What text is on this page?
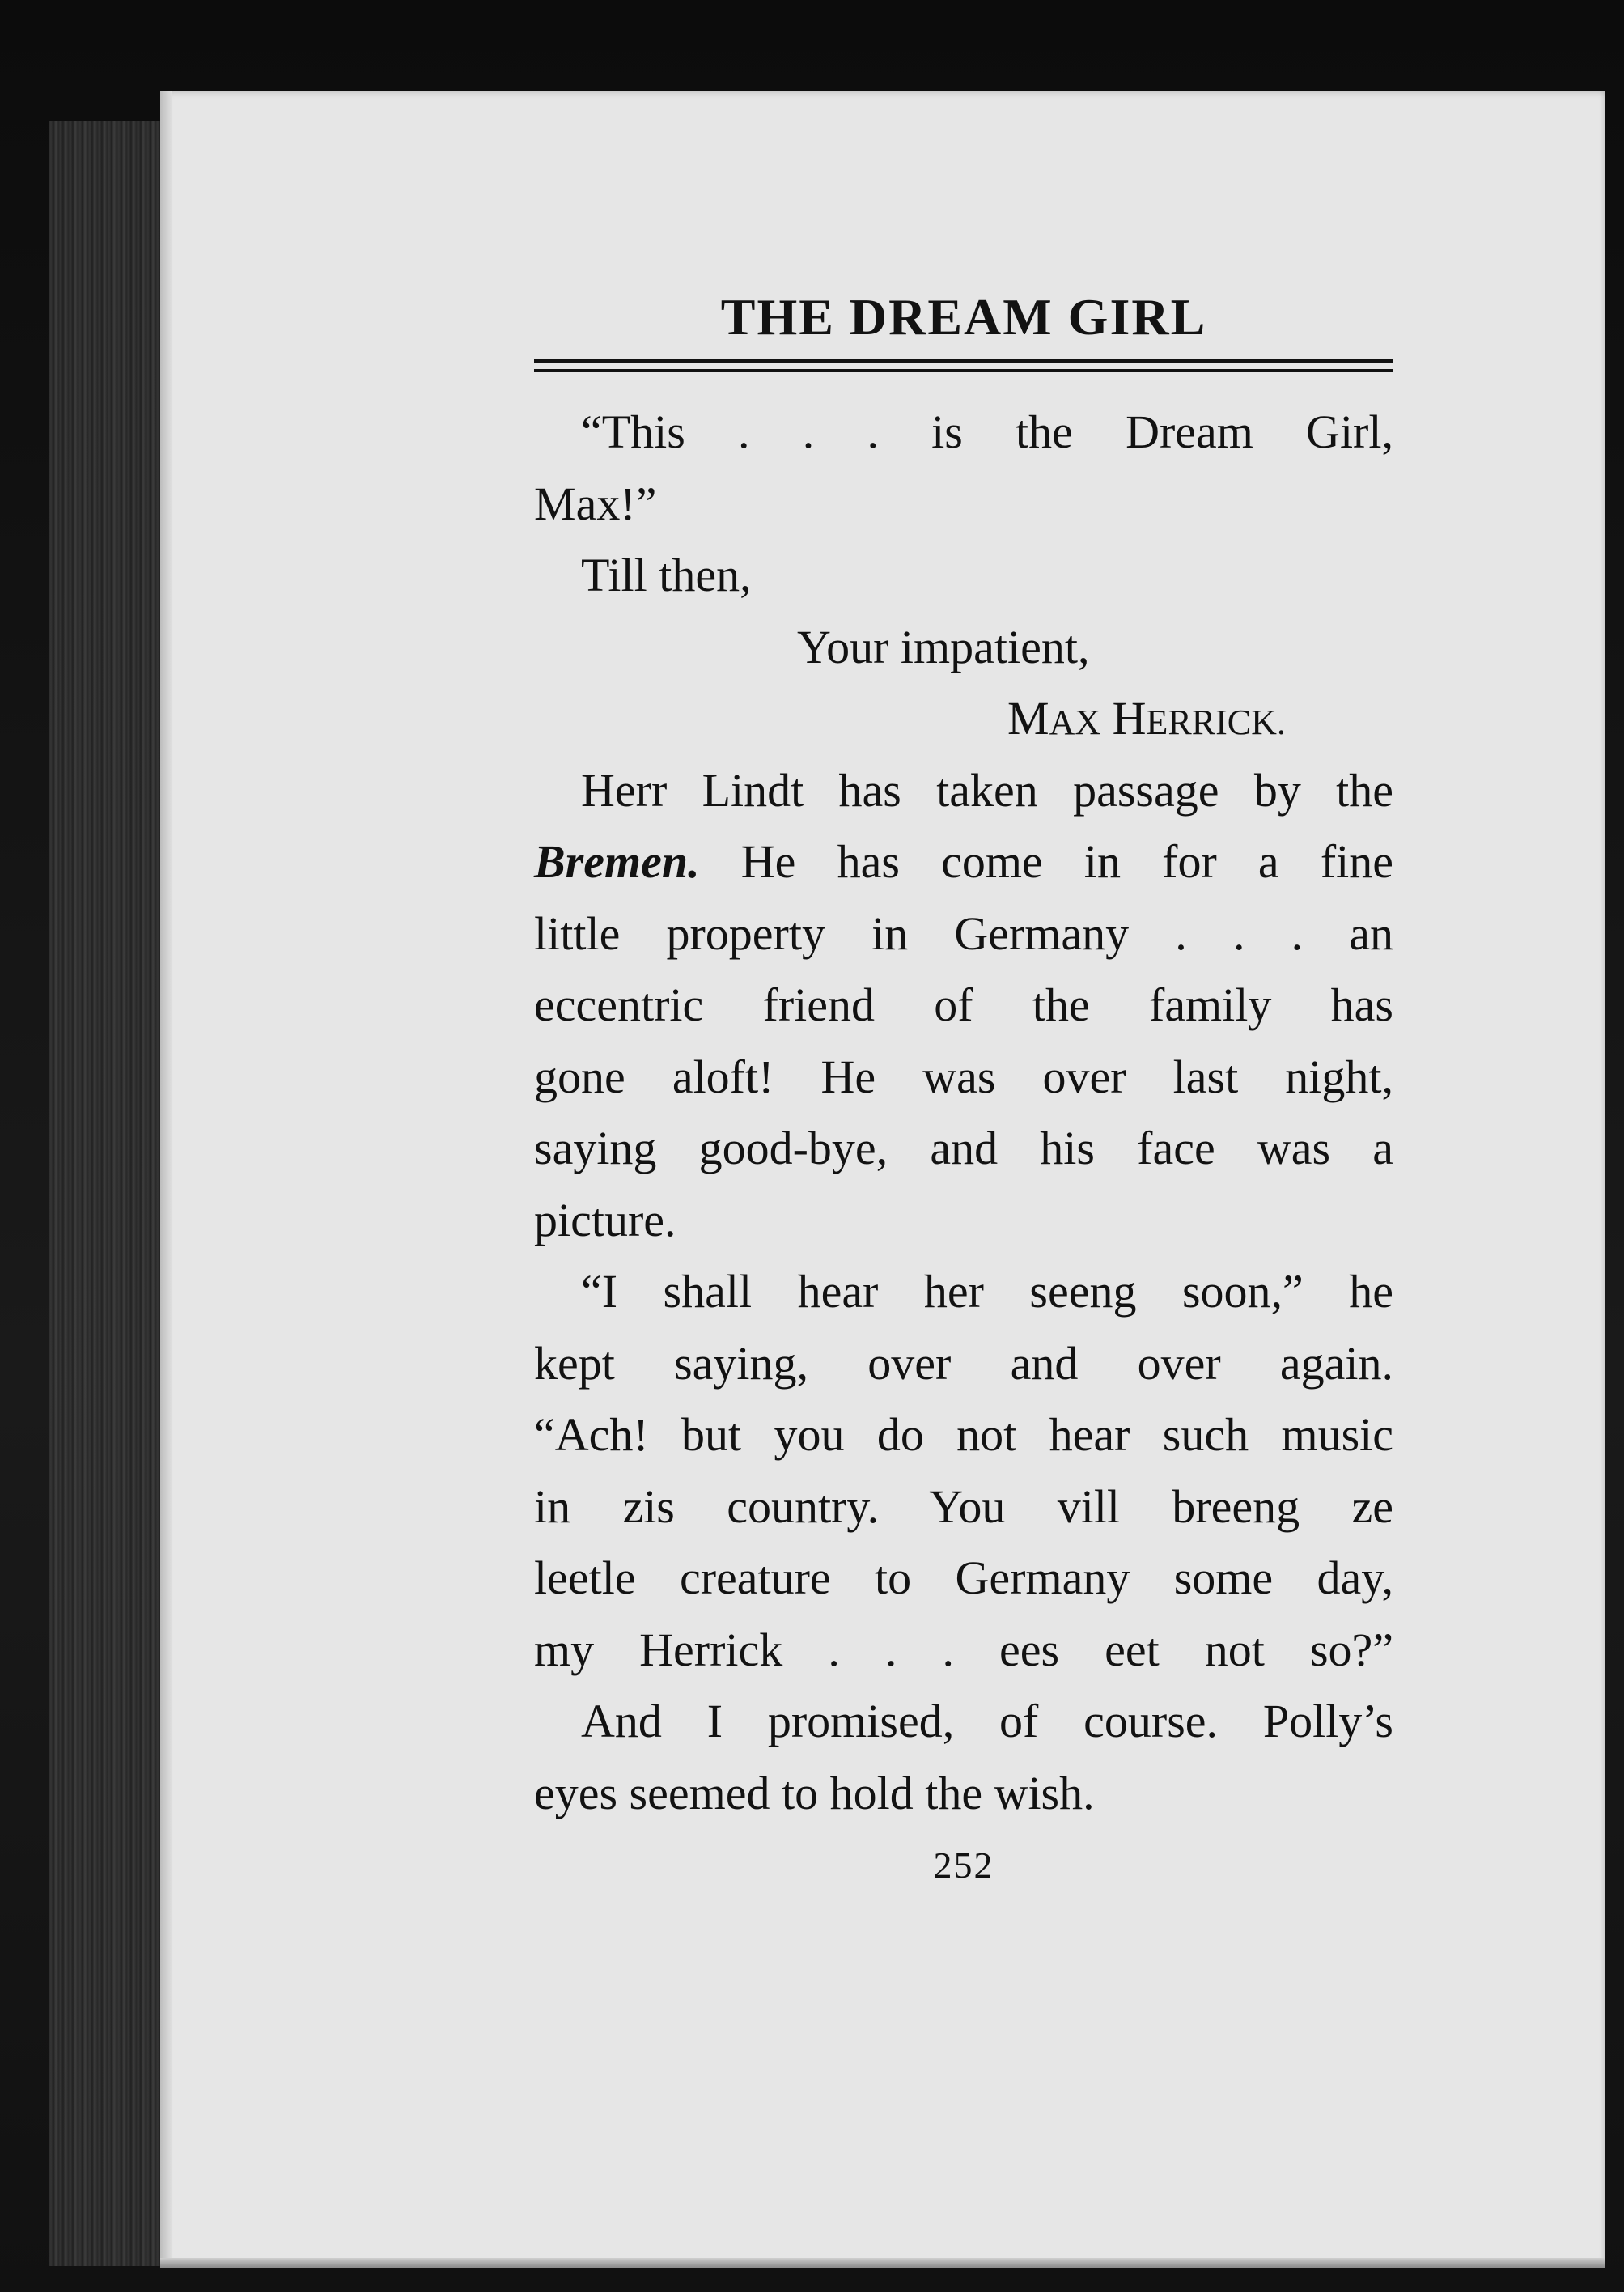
THE DREAM GIRL
“This . . . is the Dream Girl,
Max!”
Till then,
Your impatient,
MAX HERRICK.
Herr Lindt has taken passage by the
Bremen. He has come in for a fine
little property in Germany . . . an
eccentric friend of the family has
gone aloft! He was over last night,
saying good-bye, and his face was a
picture.
“I shall hear her seeng soon,” he
kept saying, over and over again.
“Ach! but you do not hear such music
in zis country. You vill breeng ze
leetle creature to Germany some day,
my Herrick . . . ees eet not so?”
And I promised, of course. Polly’s
eyes seemed to hold the wish.
252
